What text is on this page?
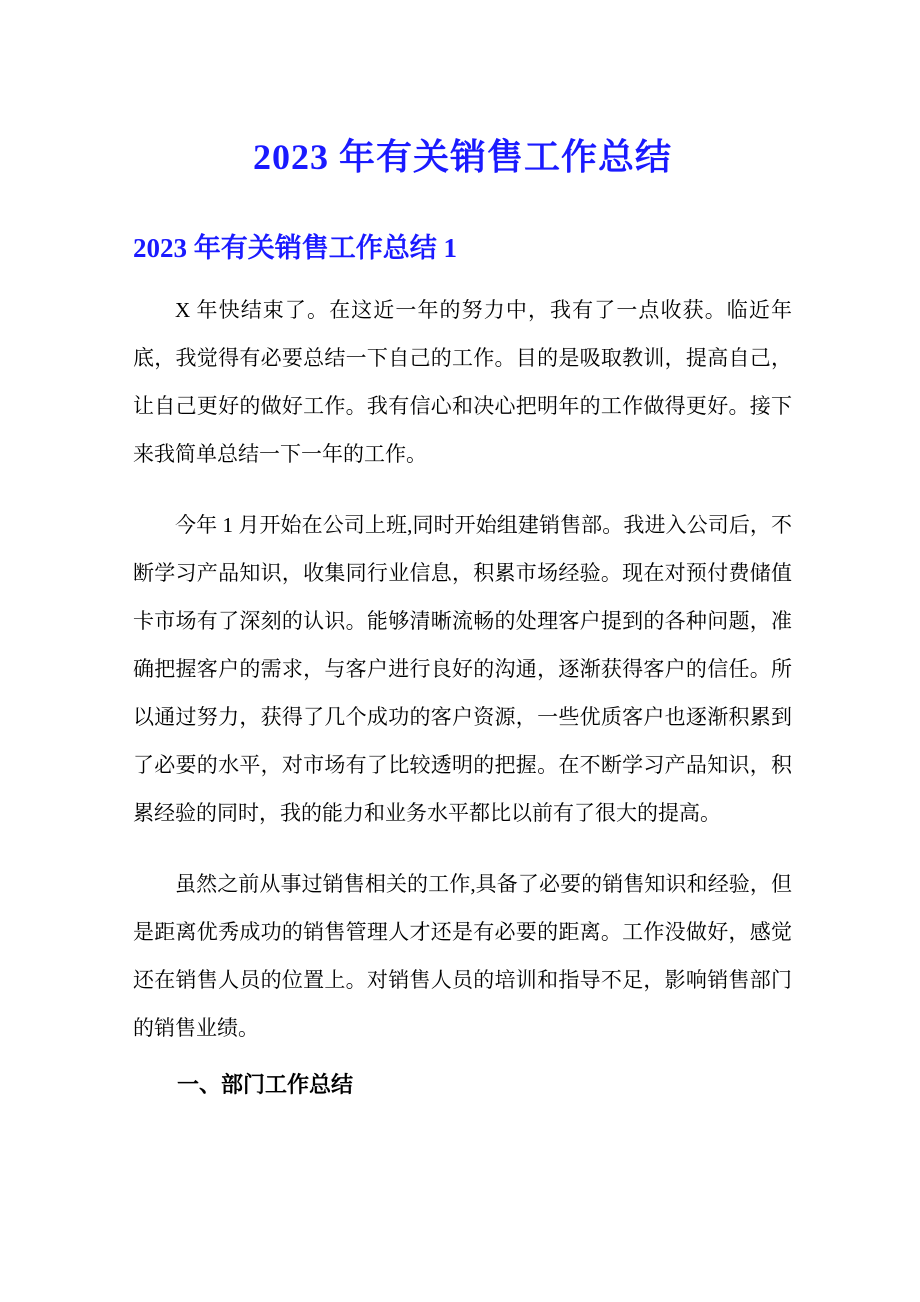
2023 年有关销售工作总结
2023 年有关销售工作总结 1

X 年快结束了。在这近一年的努力中，我有了一点收获。临近年底，我觉得有必要总结一下自己的工作。目的是吸取教训，提高自己，让自己更好的做好工作。我有信心和决心把明年的工作做得更好。接下来我简单总结一下一年的工作。

今年 1 月开始在公司上班,同时开始组建销售部。我进入公司后，不断学习产品知识，收集同行业信息，积累市场经验。现在对预付费储值卡市场有了深刻的认识。能够清晰流畅的处理客户提到的各种问题，准确把握客户的需求，与客户进行良好的沟通，逐渐获得客户的信任。所以通过努力，获得了几个成功的客户资源，一些优质客户也逐渐积累到了必要的水平，对市场有了比较透明的把握。在不断学习产品知识，积累经验的同时，我的能力和业务水平都比以前有了很大的提高。

虽然之前从事过销售相关的工作,具备了必要的销售知识和经验，但是距离优秀成功的销售管理人才还是有必要的距离。工作没做好，感觉还在销售人员的位置上。对销售人员的培训和指导不足，影响销售部门的销售业绩。

一、部门工作总结
